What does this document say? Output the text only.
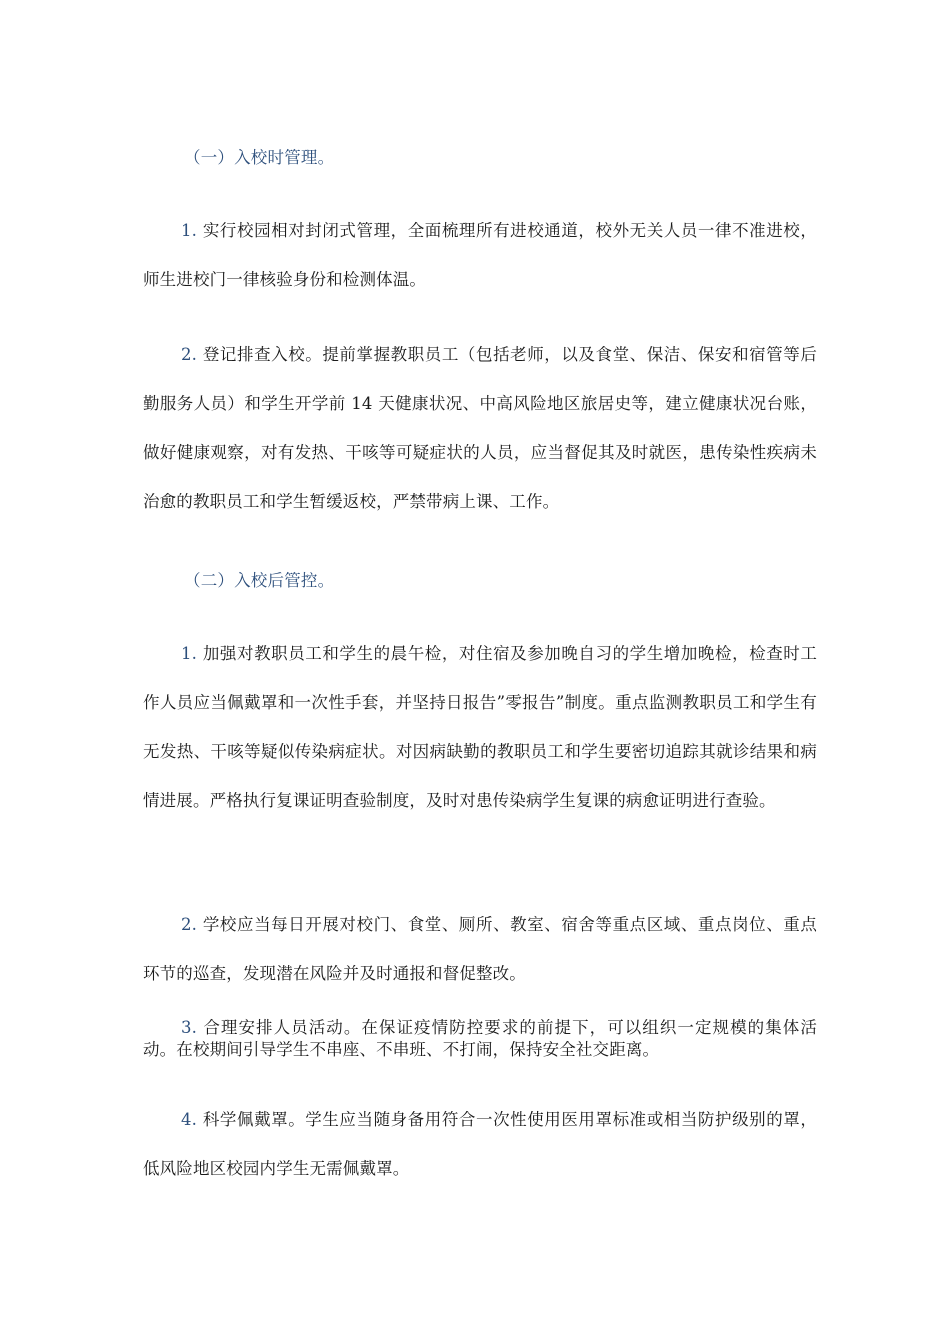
（一）入校时管理。

1. 实行校园相对封闭式管理，全面梳理所有进校通道，校外无关人员一律不准进校，师生进校门一律核验身份和检测体温。

2. 登记排查入校。提前掌握教职员工（包括老师，以及食堂、保洁、保安和宿管等后勤服务人员）和学生开学前 14 天健康状况、中高风险地区旅居史等，建立健康状况台账，做好健康观察，对有发热、干咳等可疑症状的人员，应当督促其及时就医，患传染性疾病未治愈的教职员工和学生暂缓返校，严禁带病上课、工作。

（二）入校后管控。

1. 加强对教职员工和学生的晨午检，对住宿及参加晚自习的学生增加晚检，检查时工作人员应当佩戴罩和一次性手套，并坚持日报告”零报告”制度。重点监测教职员工和学生有无发热、干咳等疑似传染病症状。对因病缺勤的教职员工和学生要密切追踪其就诊结果和病情进展。严格执行复课证明查验制度，及时对患传染病学生复课的病愈证明进行查验。

2. 学校应当每日开展对校门、食堂、厕所、教室、宿舍等重点区域、重点岗位、重点环节的巡查，发现潜在风险并及时通报和督促整改。

3. 合理安排人员活动。在保证疫情防控要求的前提下，可以组织一定规模的集体活动。在校期间引导学生不串座、不串班、不打闹，保持安全社交距离。

4. 科学佩戴罩。学生应当随身备用符合一次性使用医用罩标准或相当防护级别的罩，低风险地区校园内学生无需佩戴罩。
